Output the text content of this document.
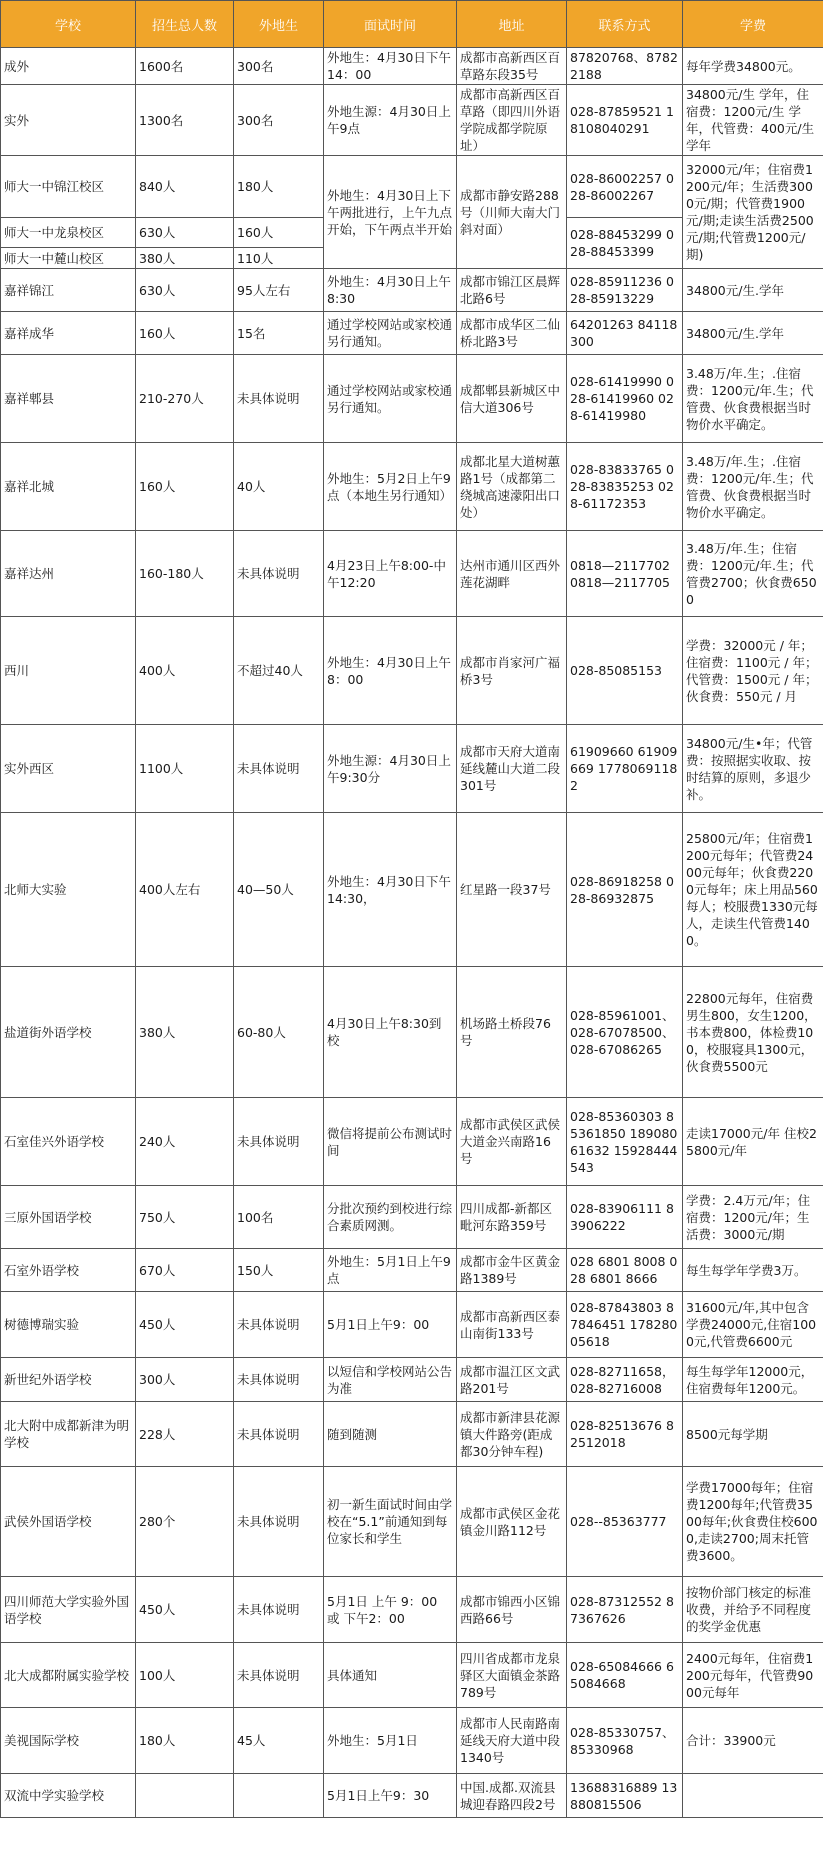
学校	招生总人数	外地生	面试时间	地址	联系方式	学费
成外	1600名	300名	外地生：4月30日下午14：00	成都市高新西区百草路东段35号	87820768、87822188	每年学费34800元。
实外	1300名	300名	外地生源：4月30日上午9点	成都市高新西区百草路（即四川外语学院成都学院原址）	028-87859521 18108040291	34800元/生 学年，住宿费：1200元/生 学年，代管费：400元/生学年
师大一中锦江校区	840人	180人	外地生：4月30日上下午两批进行，上午九点开始，下午两点半开始	成都市静安路288号（川师大南大门斜对面）	028-86002257 028-86002267	32000元/年；住宿费1200元/年；生活费3000元/期；代管费1900元/期;走读生活费2500元/期;代管费1200元/期)
师大一中龙泉校区	630人	160人			028-88453299 028-88453399	
师大一中麓山校区	380人	110人				
嘉祥锦江	630人	95人左右	外地生：4月30日上午8:30	成都市锦江区晨辉北路6号	028-85911236 028-85913229	34800元/生.学年
嘉祥成华	160人	15名	通过学校网站或家校通另行通知。	成都市成华区二仙桥北路3号	64201263 84118300	34800元/生.学年
嘉祥郫县	210-270人	未具体说明	通过学校网站或家校通另行通知。	成都郫县新城区中信大道306号	028-61419990 028-61419960 028-61419980	3.48万/年.生；.住宿费：1200元/年.生；代管费、伙食费根据当时物价水平确定。
嘉祥北城	160人	40人	外地生：5月2日上午9点（本地生另行通知）	成都北星大道树蕙路1号（成都第二绕城高速濛阳出口处）	028-83833765 028-83835253 028-61172353	3.48万/年.生；.住宿费：1200元/年.生；代管费、伙食费根据当时物价水平确定。
嘉祥达州	160-180人	未具体说明	4月23日上午8:00-中午12:20	达州市通川区西外莲花湖畔	0818—2117702 0818—2117705	3.48万/年.生；住宿费：1200元/年.生；代管费2700；伙食费6500
西川	400人	不超过40人	外地生：4月30日上午8：00	成都市肖家河广福桥3号	028-85085153	学费：32000元 / 年；住宿费：1100元 / 年；代管费：1500元 / 年；伙食费：550元 / 月
实外西区	1100人	未具体说明	外地生源：4月30日上午9:30分	成都市天府大道南延线麓山大道二段301号	61909660 61909669 17780691182	34800元/生•年；代管费：按照据实收取、按时结算的原则，多退少补。
北师大实验	400人左右	40—50人	外地生：4月30日下午14:30，	红星路一段37号	028-86918258 028-86932875	25800元/年；住宿费1200元每年；代管费2400元每年；伙食费2200元每年；床上用品560每人；校服费1330元每人，走读生代管费1400。
盐道街外语学校	380人	60-80人	4月30日上午8:30到校	机场路土桥段76号	028-85961001、028-67078500、028-67086265	22800元每年，住宿费男生800，女生1200，书本费800，体检费100，校服寝具1300元，伙食费5500元
石室佳兴外语学校	240人	未具体说明	微信将提前公布测试时间	成都市武侯区武侯大道金兴南路16号	028-85360303 85361850 18908061632 15928444543	走读17000元/年 住校25800元/年
三原外国语学校	750人	100名	分批次预约到校进行综合素质网测。	四川成都-新都区毗河东路359号	028-83906111 83906222	学费：2.4万元/年；住宿费：1200元/年；生活费：3000元/期
石室外语学校	670人	150人	外地生：5月1日上午9点	成都市金牛区黄金路1389号	028 6801 8008 028 6801 8666	每生每学年学费3万。
树德博瑞实验	450人	未具体说明	5月1日上午9：00	成都市高新西区泰山南街133号	028-87843803 87846451 17828005618	31600元/年,其中包含学费24000元,住宿1000元,代管费6600元
新世纪外语学校	300人	未具体说明	以短信和学校网站公告为准	成都市温江区文武路201号	028-82711658，028-82716008	每生每学年12000元，住宿费每年1200元。
北大附中成都新津为明学校	228人	未具体说明	随到随测	成都市新津县花源镇大件路旁(距成都30分钟车程)	028-82513676 82512018	8500元每学期
武侯外国语学校	280个	未具体说明	初一新生面试时间由学校在“5.1”前通知到每位家长和学生	成都市武侯区金花镇金川路112号	028--85363777	学费17000每年；住宿费1200每年;代管费3500每年;伙食费住校6000,走读2700;周末托管费3600。
四川师范大学实验外国语学校	450人	未具体说明	5月1日 上午 9：00 或 下午2：00	成都市锦西小区锦西路66号	028-87312552 87367626	按物价部门核定的标准收费，并给予不同程度的奖学金优惠
北大成都附属实验学校	100人	未具体说明	具体通知	四川省成都市龙泉驿区大面镇金茶路789号	028-65084666 65084668	2400元每年，住宿费1200元每年，代管费9000元每年
美视国际学校	180人	45人	外地生：5月1日	成都市人民南路南延线天府大道中段1340号	028-85330757、85330968	合计：33900元
双流中学实验学校			5月1日上午9：30	中国.成都.双流县城迎春路四段2号	13688316889 13880815506	
